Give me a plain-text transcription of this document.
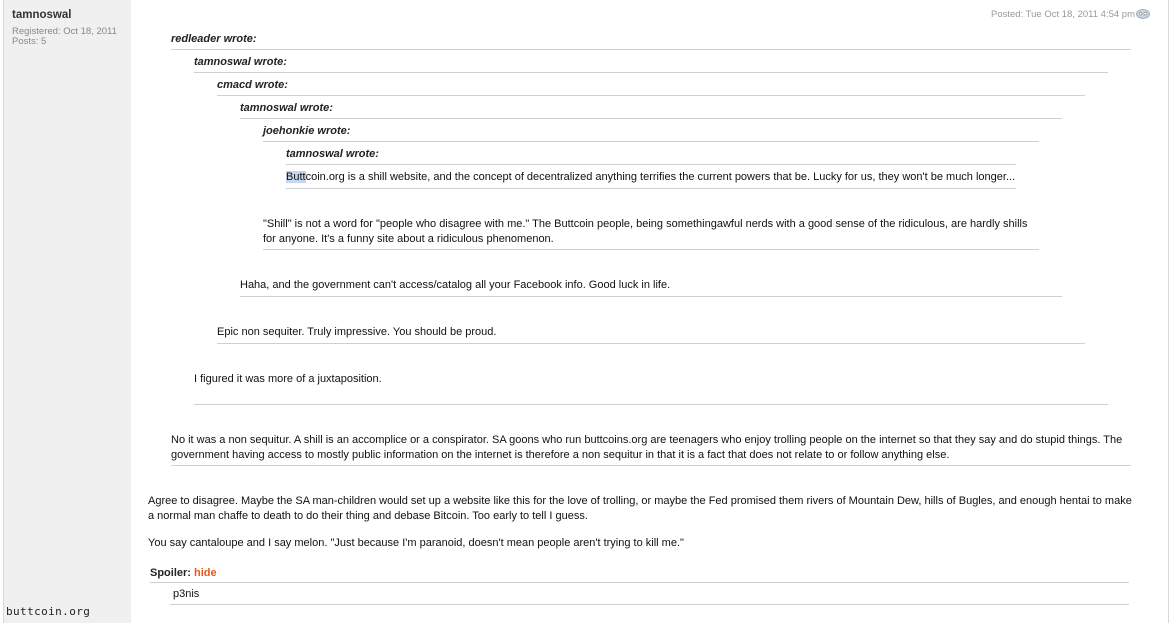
tamnoswal
Registered: Oct 18, 2011
Posts: 5
Posted: Tue Oct 18, 2011 4:54 pm
redleader wrote:
No it was a non sequitur. A shill is an accomplice or a conspirator. SA goons who run buttcoins.org are teenagers who enjoy trolling people on the internet so that they say and do stupid things. The government having access to mostly public information on the internet is therefore a non sequitur in that it is a fact that does not relate to or follow anything else.
tamnoswal wrote:
I figured it was more of a juxtaposition.
cmacd wrote:
Epic non sequiter. Truly impressive. You should be proud.
tamnoswal wrote:
Haha, and the government can't access/catalog all your Facebook info. Good luck in life.
joehonkie wrote:
"Shill" is not a word for "people who disagree with me." The Buttcoin people, being somethingawful nerds with a good sense of the ridiculous, are hardly shills for anyone. It's a funny site about a ridiculous phenomenon.
tamnoswal wrote:
Buttcoin.org is a shill website, and the concept of decentralized anything terrifies the current powers that be. Lucky for us, they won't be much longer...
Agree to disagree. Maybe the SA man-children would set up a website like this for the love of trolling, or maybe the Fed promised them rivers of Mountain Dew, hills of Bugles, and enough hentai to make a normal man chaffe to death to do their thing and debase Bitcoin. Too early to tell I guess.
You say cantaloupe and I say melon. "Just because I'm paranoid, doesn't mean people aren't trying to kill me."
Spoiler: hide
p3nis
buttcoin.org
